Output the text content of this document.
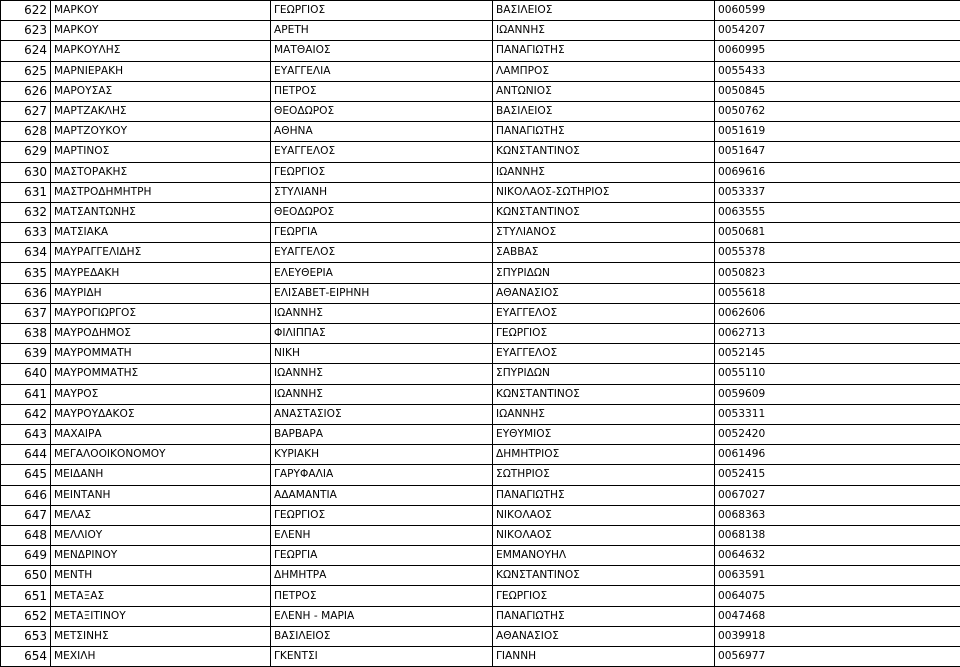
622	ΜΑΡΚΟΥ	ΓΕΩΡΓΙΟΣ	ΒΑΣΙΛΕΙΟΣ	0060599
623	ΜΑΡΚΟΥ	ΑΡΕΤΗ	ΙΩΑΝΝΗΣ	0054207
624	ΜΑΡΚΟΥΛΗΣ	ΜΑΤΘΑΙΟΣ	ΠΑΝΑΓΙΩΤΗΣ	0060995
625	ΜΑΡΝΙΕΡΑΚΗ	ΕΥΑΓΓΕΛΙΑ	ΛΑΜΠΡΟΣ	0055433
626	ΜΑΡΟΥΣΑΣ	ΠΕΤΡΟΣ	ΑΝΤΩΝΙΟΣ	0050845
627	ΜΑΡΤΖΑΚΛΗΣ	ΘΕΟΔΩΡΟΣ	ΒΑΣΙΛΕΙΟΣ	0050762
628	ΜΑΡΤΖΟΥΚΟΥ	ΑΘΗΝΑ	ΠΑΝΑΓΙΩΤΗΣ	0051619
629	ΜΑΡΤΙΝΟΣ	ΕΥΑΓΓΕΛΟΣ	ΚΩΝΣΤΑΝΤΙΝΟΣ	0051647
630	ΜΑΣΤΟΡΑΚΗΣ	ΓΕΩΡΓΙΟΣ	ΙΩΑΝΝΗΣ	0069616
631	ΜΑΣΤΡΟΔΗΜΗΤΡΗ	ΣΤΥΛΙΑΝΗ	ΝΙΚΟΛΑΟΣ-ΣΩΤΗΡΙΟΣ	0053337
632	ΜΑΤΣΑΝΤΩΝΗΣ	ΘΕΟΔΩΡΟΣ	ΚΩΝΣΤΑΝΤΙΝΟΣ	0063555
633	ΜΑΤΣΙΑΚΑ	ΓΕΩΡΓΙΑ	ΣΤΥΛΙΑΝΟΣ	0050681
634	ΜΑΥΡΑΓΓΕΛΙΔΗΣ	ΕΥΑΓΓΕΛΟΣ	ΣΑΒΒΑΣ	0055378
635	ΜΑΥΡΕΔΑΚΗ	ΕΛΕΥΘΕΡΙΑ	ΣΠΥΡΙΔΩΝ	0050823
636	ΜΑΥΡΙΔΗ	ΕΛΙΣΑΒΕΤ-ΕΙΡΗΝΗ	ΑΘΑΝΑΣΙΟΣ	0055618
637	ΜΑΥΡΟΓΙΩΡΓΟΣ	ΙΩΑΝΝΗΣ	ΕΥΑΓΓΕΛΟΣ	0062606
638	ΜΑΥΡΟΔΗΜΟΣ	ΦΙΛΙΠΠΑΣ	ΓΕΩΡΓΙΟΣ	0062713
639	ΜΑΥΡΟΜΜΑΤΗ	ΝΙΚΗ	ΕΥΑΓΓΕΛΟΣ	0052145
640	ΜΑΥΡΟΜΜΑΤΗΣ	ΙΩΑΝΝΗΣ	ΣΠΥΡΙΔΩΝ	0055110
641	ΜΑΥΡΟΣ	ΙΩΑΝΝΗΣ	ΚΩΝΣΤΑΝΤΙΝΟΣ	0059609
642	ΜΑΥΡΟΥΔΑΚΟΣ	ΑΝΑΣΤΑΣΙΟΣ	ΙΩΑΝΝΗΣ	0053311
643	ΜΑΧΑΙΡΑ	ΒΑΡΒΑΡΑ	ΕΥΘΥΜΙΟΣ	0052420
644	ΜΕΓΑΛΟΟΙΚΟΝΟΜΟΥ	ΚΥΡΙΑΚΗ	ΔΗΜΗΤΡΙΟΣ	0061496
645	ΜΕΙΔΑΝΗ	ΓΑΡΥΦΑΛΙΑ	ΣΩΤΗΡΙΟΣ	0052415
646	ΜΕΙΝΤΑΝΗ	ΑΔΑΜΑΝΤΙΑ	ΠΑΝΑΓΙΩΤΗΣ	0067027
647	ΜΕΛΑΣ	ΓΕΩΡΓΙΟΣ	ΝΙΚΟΛΑΟΣ	0068363
648	ΜΕΛΛΙΟΥ	ΕΛΕΝΗ	ΝΙΚΟΛΑΟΣ	0068138
649	ΜΕΝΔΡΙΝΟΥ	ΓΕΩΡΓΙΑ	ΕΜΜΑΝΟΥΗΛ	0064632
650	ΜΕΝΤΗ	ΔΗΜΗΤΡΑ	ΚΩΝΣΤΑΝΤΙΝΟΣ	0063591
651	ΜΕΤΑΞΑΣ	ΠΕΤΡΟΣ	ΓΕΩΡΓΙΟΣ	0064075
652	ΜΕΤΑΞΙΤΙΝΟΥ	ΕΛΕΝΗ - ΜΑΡΙΑ	ΠΑΝΑΓΙΩΤΗΣ	0047468
653	ΜΕΤΣΙΝΗΣ	ΒΑΣΙΛΕΙΟΣ	ΑΘΑΝΑΣΙΟΣ	0039918
654	ΜΕΧΙΛΗ	ΓΚΕΝΤΣΙ	ΓΙΑΝΝΗ	0056977
